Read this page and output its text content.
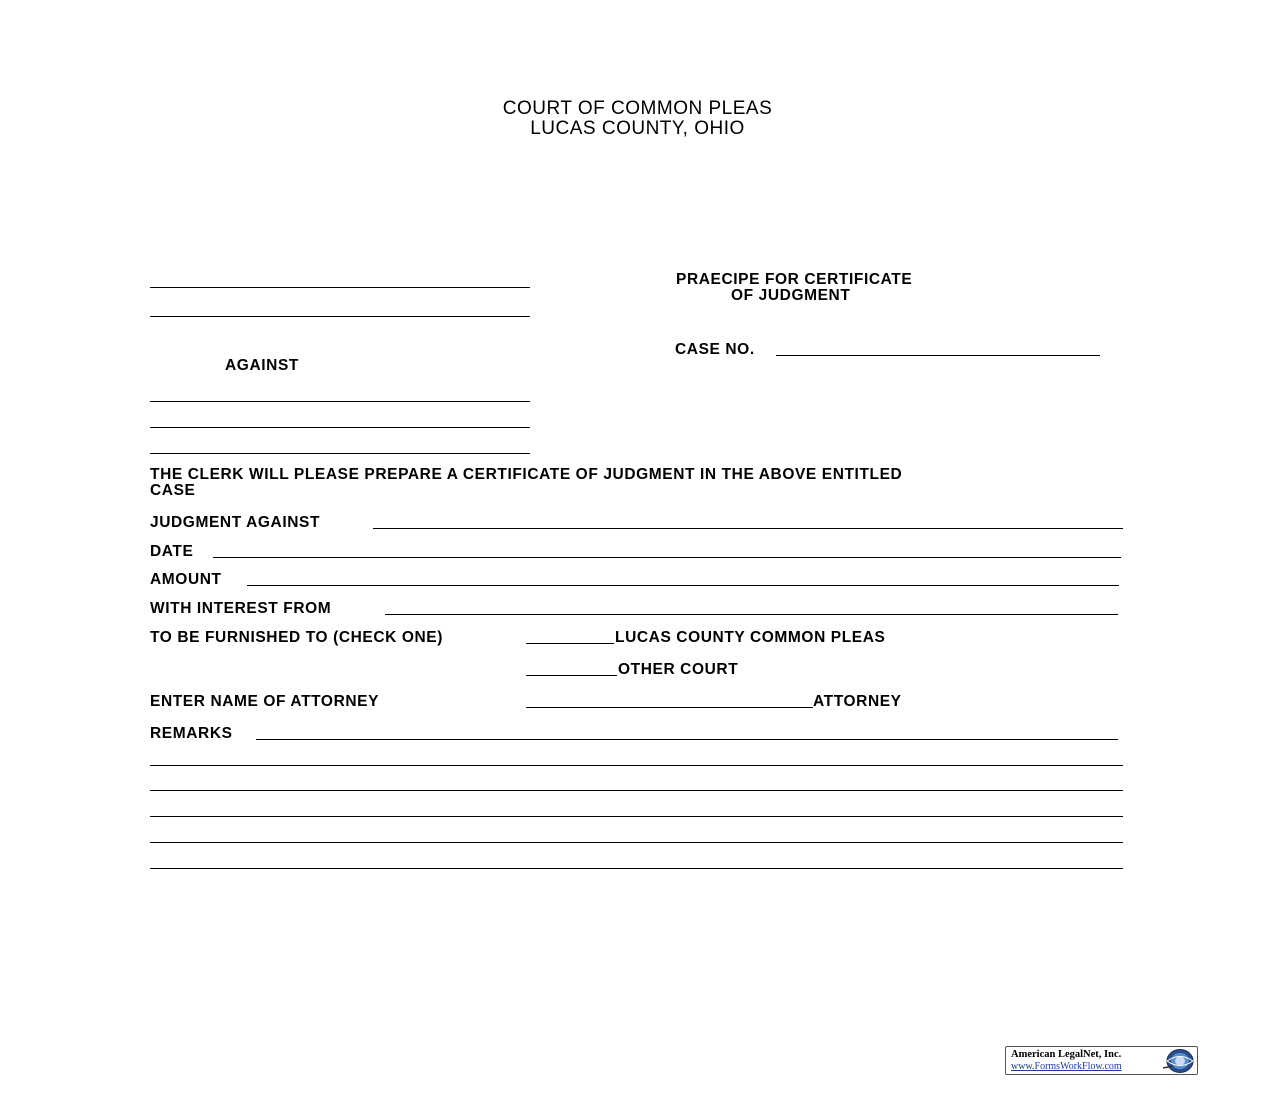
COURT OF COMMON PLEAS
LUCAS COUNTY, OHIO
AGAINST
PRAECIPE FOR CERTIFICATE
OF JUDGMENT
CASE NO.
THE CLERK WILL PLEASE PREPARE A CERTIFICATE OF JUDGMENT IN THE ABOVE ENTITLED
CASE
JUDGMENT AGAINST
DATE
AMOUNT
WITH INTEREST FROM
TO BE FURNISHED TO (CHECK ONE)	LUCAS COUNTY COMMON PLEAS
OTHER COURT
ENTER NAME OF ATTORNEY	ATTORNEY
REMARKS
American LegalNet, Inc.
www.FormsWorkFlow.com
